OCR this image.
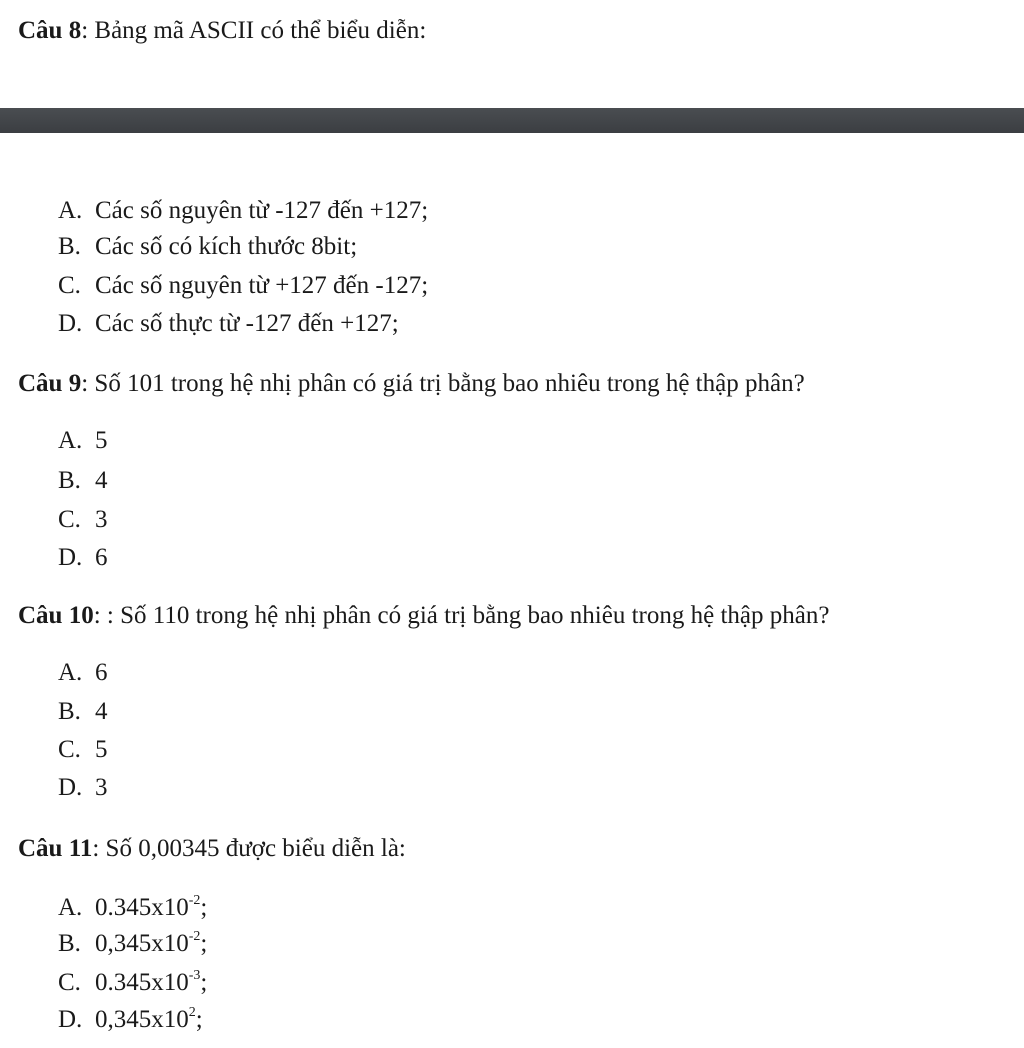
Câu 8: Bảng mã ASCII có thể biểu diễn:
A. Các số nguyên từ -127 đến +127;
B. Các số có kích thước 8bit;
C. Các số nguyên từ +127 đến -127;
D. Các số thực từ -127 đến +127;
Câu 9: Số 101 trong hệ nhị phân có giá trị bằng bao nhiêu trong hệ thập phân?
A. 5
B. 4
C. 3
D. 6
Câu 10: : Số 110 trong hệ nhị phân có giá trị bằng bao nhiêu trong hệ thập phân?
A. 6
B. 4
C. 5
D. 3
Câu 11: Số 0,00345 được biểu diễn là:
A. $0.345x10^{-2}$;
B. $0,345x10^{-2}$;
C. $0.345x10^{-3}$;
D. $0,345x10^2$;
